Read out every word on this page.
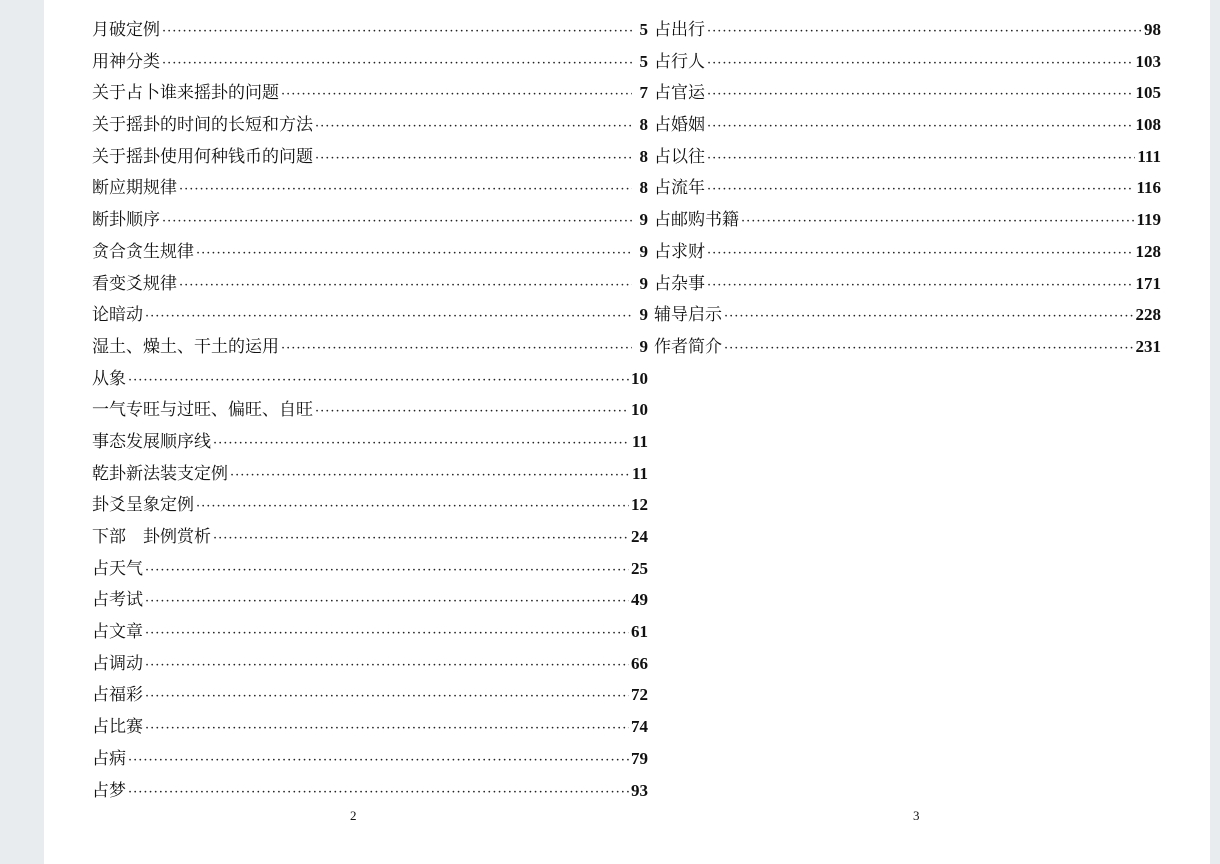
月破定例 ·····	5
用神分类 ·····	5
关于占卜谁来摇卦的问题 ·····	7
关于摇卦的时间的长短和方法 ·····	8
关于摇卦使用何种钱币的问题 ·····	8
断应期规律 ·····	8
断卦顺序 ·····	9
贪合贪生规律 ·····	9
看变爻规律 ·····	9
论暗动 ·····	9
湿土、燥土、干土的运用 ·····	9
从象 ·····	10
一气专旺与过旺、偏旺、自旺 ·····	10
事态发展顺序线 ·····	11
乾卦新法装支定例 ·····	11
卦爻呈象定例 ·····	12
下部　卦例赏析 ·····	24
占天气 ·····	25
占考试 ·····	49
占文章 ·····	61
占调动 ·····	66
占福彩 ·····	72
占比赛 ·····	74
占病 ·····	79
占梦 ·····	93
占出行 ·····	98
占行人 ·····	103
占官运 ·····	105
占婚姻 ·····	108
占以往 ·····	111
占流年 ·····	116
占邮购书籍 ·····	119
占求财 ·····	128
占杂事 ·····	171
辅导启示 ·····	228
作者简介 ·····	231
2	3
